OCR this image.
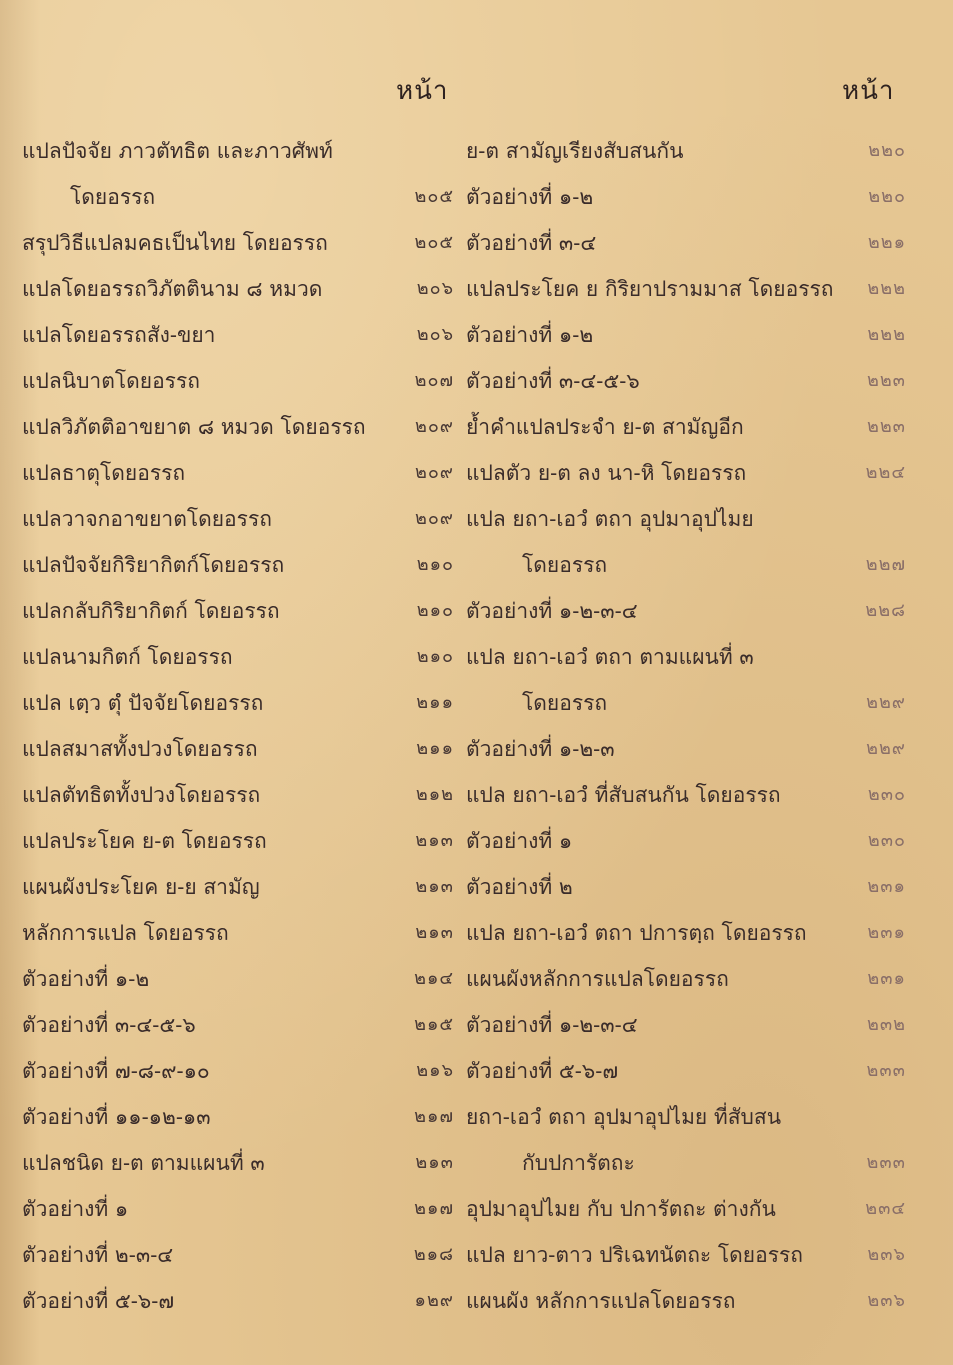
หน้า	หน้า
แปลปัจจัย ภาวตัทธิต และภาวศัพท์
โดยอรรถ	๒๐๕
สรุปวิธีแปลมคธเป็นไทย โดยอรรถ	๒๐๕
แปลโดยอรรถวิภัตตินาม ๘ หมวด	๒๐๖
แปลโดยอรรถสัง-ขยา	๒๐๖
แปลนิบาตโดยอรรถ	๒๐๗
แปลวิภัตติอาขยาต ๘ หมวด โดยอรรถ	๒๐๙
แปลธาตุโดยอรรถ	๒๐๙
แปลวาจกอาขยาตโดยอรรถ	๒๐๙
แปลปัจจัยกิริยากิตก์โดยอรรถ	๒๑๐
แปลกลับกิริยากิตก์ โดยอรรถ	๒๑๐
แปลนามกิตก์ โดยอรรถ	๒๑๐
แปล เตฺว ตุํ ปัจจัยโดยอรรถ	๒๑๑
แปลสมาสทั้งปวงโดยอรรถ	๒๑๑
แปลตัทธิตทั้งปวงโดยอรรถ	๒๑๒
แปลประโยค ย-ต โดยอรรถ	๒๑๓
แผนผังประโยค ย-ย สามัญ	๒๑๓
หลักการแปล โดยอรรถ	๒๑๓
ตัวอย่างที่ ๑-๒	๒๑๔
ตัวอย่างที่ ๓-๔-๕-๖	๒๑๕
ตัวอย่างที่ ๗-๘-๙-๑๐	๒๑๖
ตัวอย่างที่ ๑๑-๑๒-๑๓	๒๑๗
แปลชนิด ย-ต ตามแผนที่ ๓	๒๑๓
ตัวอย่างที่ ๑	๒๑๗
ตัวอย่างที่ ๒-๓-๔	๒๑๘
ตัวอย่างที่ ๕-๖-๗	๑๒๙
ย-ต สามัญเรียงสับสนกัน	๒๒๐
ตัวอย่างที่ ๑-๒	๒๒๐
ตัวอย่างที่ ๓-๔	๒๒๑
แปลประโยค ย กิริยาปรามมาส โดยอรรถ ๒๒๒
ตัวอย่างที่ ๑-๒	๒๒๒
ตัวอย่างที่ ๓-๔-๕-๖	๒๒๓
ย้ำคำแปลประจำ ย-ต สามัญอีก	๒๒๓
แปลตัว ย-ต ลง นา-หิ โดยอรรถ	๒๒๔
แปล ยถา-เอวํ ตถา อุปมาอุปไมย
โดยอรรถ	๒๒๗
ตัวอย่างที่ ๑-๒-๓-๔	๒๒๘
แปล ยถา-เอวํ ตถา ตามแผนที่ ๓
โดยอรรถ	๒๒๙
ตัวอย่างที่ ๑-๒-๓	๒๒๙
แปล ยถา-เอวํ ที่สับสนกัน โดยอรรถ	๒๓๐
ตัวอย่างที่ ๑	๒๓๐
ตัวอย่างที่ ๒	๒๓๑
แปล ยถา-เอวํ ตถา ปการตฺถ โดยอรรถ	๒๓๑
แผนผังหลักการแปลโดยอรรถ	๒๓๑
ตัวอย่างที่ ๑-๒-๓-๔	๒๓๒
ตัวอย่างที่ ๕-๖-๗	๒๓๓
ยถา-เอวํ ตถา อุปมาอุปไมย ที่สับสน
กับปการัตถะ	๒๓๓
อุปมาอุปไมย กับ ปการัตถะ ต่างกัน	๒๓๔
แปล ยาว-ตาว ปริเฉทนัตถะ โดยอรรถ	๒๓๖
แผนผัง หลักการแปลโดยอรรถ	๒๓๖
